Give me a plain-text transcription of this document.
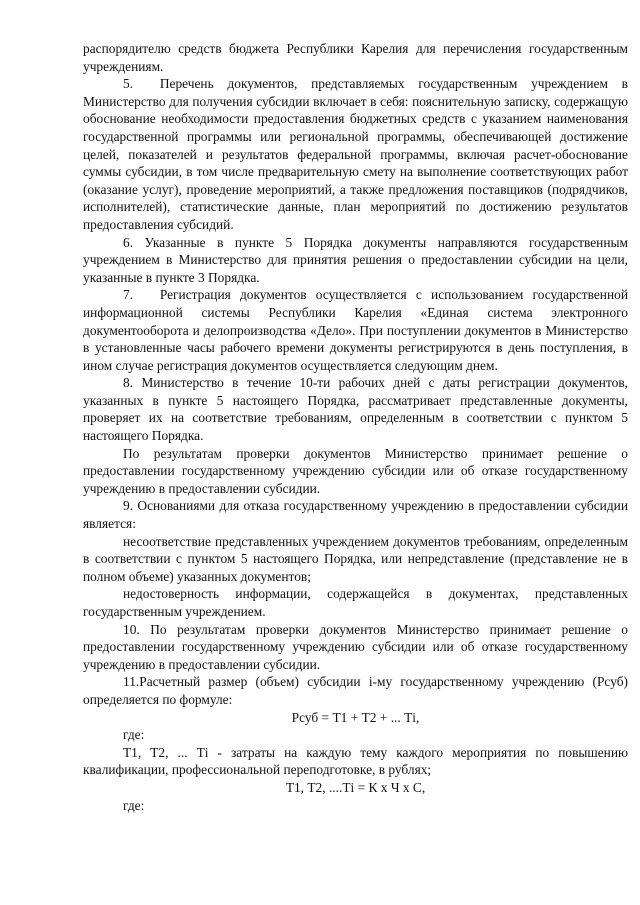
распорядителю средств бюджета Республики Карелия для перечисления государственным учреждениям.

5.  Перечень документов, представляемых государственным учреждением в Министерство для получения субсидии включает в себя: пояснительную записку, содержащую обоснование необходимости предоставления бюджетных средств с указанием наименования государственной программы или региональной программы, обеспечивающей достижение целей, показателей и результатов федеральной программы, включая расчет-обоснование суммы субсидии, в том числе предварительную смету на выполнение соответствующих работ (оказание услуг), проведение мероприятий, а также предложения поставщиков (подрядчиков, исполнителей), статистические данные, план мероприятий по достижению результатов предоставления субсидий.

6. Указанные в пункте 5 Порядка документы направляются государственным учреждением в Министерство для принятия решения о предоставлении субсидии на цели, указанные в пункте 3 Порядка.

7.  Регистрация документов осуществляется с использованием государственной информационной системы Республики Карелия «Единая система электронного документооборота и делопроизводства «Дело». При поступлении документов в Министерство в установленные часы рабочего времени документы регистрируются в день поступления, в ином случае регистрация документов осуществляется следующим днем.

8. Министерство в течение 10-ти рабочих дней с даты регистрации документов, указанных в пункте 5 настоящего Порядка, рассматривает представленные документы, проверяет их на соответствие требованиям, определенным в соответствии с пунктом 5 настоящего Порядка.

По результатам проверки документов Министерство принимает решение о предоставлении государственному учреждению субсидии или об отказе государственному учреждению в предоставлении субсидии.

9. Основаниями для отказа государственному учреждению в предоставлении субсидии является:

несоответствие представленных учреждением документов требованиям, определенным в соответствии с пунктом 5 настоящего Порядка, или непредставление (представление не в полном объеме) указанных документов;

недостоверность информации, содержащейся в документах, представленных государственным учреждением.

10. По результатам проверки документов Министерство принимает решение о предоставлении государственному учреждению субсидии или об отказе государственному учреждению в предоставлении субсидии.

11.Расчетный размер (объем) субсидии i-му государственному учреждению (Рсуб) определяется по формуле:

Рсуб = Т1 + Т2 + ... Тi,

где:

Т1, Т2, ... Тi - затраты на каждую тему каждого мероприятия по повышению квалификации, профессиональной переподготовке, в рублях;

Т1, Т2, ....Тi = К х Ч х С,

где:
